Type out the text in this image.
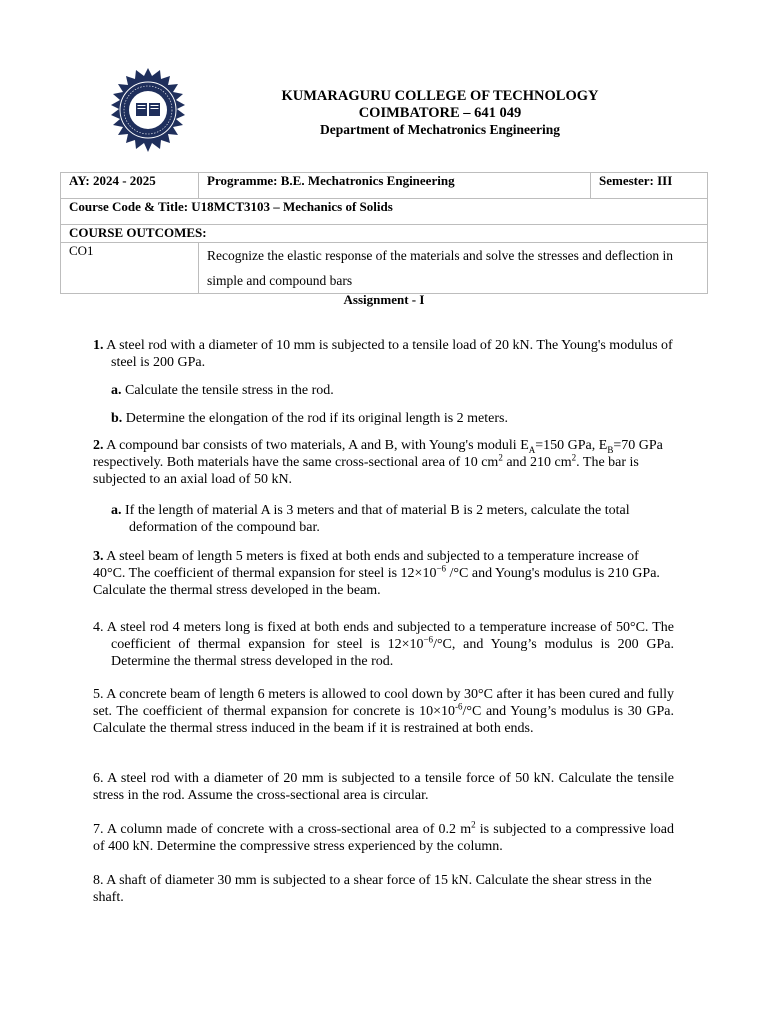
KUMARAGURU COLLEGE OF TECHNOLOGY
COIMBATORE – 641 049
Department of Mechatronics Engineering
AY: 2024 - 2025	Programme: B.E. Mechatronics Engineering	Semester: III
Course Code & Title: U18MCT3103 – Mechanics of Solids		
COURSE OUTCOMES:		
CO1	Recognize the elastic response of the materials and solve the stresses and deflection in simple and compound bars	
Assignment - I
1. A steel rod with a diameter of 10 mm is subjected to a tensile load of 20 kN. The Young's modulus of steel is 200 GPa.
a. Calculate the tensile stress in the rod.
b. Determine the elongation of the rod if its original length is 2 meters.
2. A compound bar consists of two materials, A and B, with Young's moduli $E_A=150$ GPa, $E_B=70$ GPa respectively. Both materials have the same cross-sectional area of 10 $cm^2$ and 210 $cm^2$. The bar is subjected to an axial load of 50 kN.
a. If the length of material A is 3 meters and that of material B is 2 meters, calculate the total deformation of the compound bar.
3. A steel beam of length 5 meters is fixed at both ends and subjected to a temperature increase of 40°C. The coefficient of thermal expansion for steel is $12\times 10^{-6}$ /°C and Young's modulus is 210 GPa. Calculate the thermal stress developed in the beam.
4. A steel rod 4 meters long is fixed at both ends and subjected to a temperature increase of 50°C. The coefficient of thermal expansion for steel is $12\times 10^{-6}/^\circ C$, and Young’s modulus is 200 GPa. Determine the thermal stress developed in the rod.
5. A concrete beam of length 6 meters is allowed to cool down by 30°C after it has been cured and fully set. The coefficient of thermal expansion for concrete is $10\times 10^{-6}/^\circ C$ and Young’s modulus is 30 GPa. Calculate the thermal stress induced in the beam if it is restrained at both ends.
6. A steel rod with a diameter of 20 mm is subjected to a tensile force of 50 kN. Calculate the tensile stress in the rod. Assume the cross-sectional area is circular.
7. A column made of concrete with a cross-sectional area of 0.2 $m^2$ is subjected to a compressive load of 400 kN. Determine the compressive stress experienced by the column.
8. A shaft of diameter 30 mm is subjected to a shear force of 15 kN. Calculate the shear stress in the shaft.
